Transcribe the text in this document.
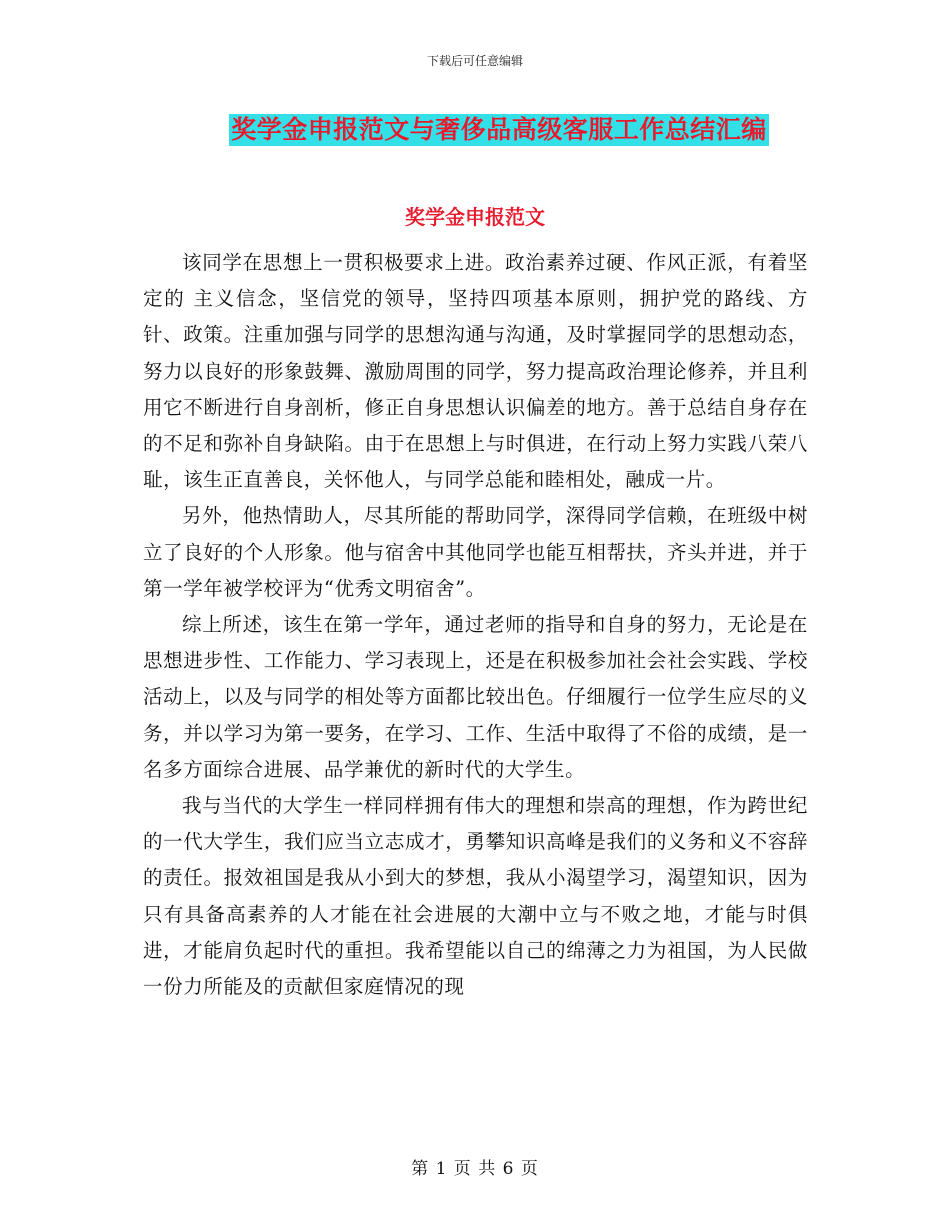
下载后可任意编辑
奖学金申报范文与奢侈品高级客服工作总结汇编
奖学金申报范文

该同学在思想上一贯积极要求上进。政治素养过硬、作风正派，有着坚定的 主义信念，坚信党的领导，坚持四项基本原则，拥护党的路线、方针、政策。注重加强与同学的思想沟通与沟通，及时掌握同学的思想动态，努力以良好的形象鼓舞、激励周围的同学，努力提高政治理论修养，并且利用它不断进行自身剖析，修正自身思想认识偏差的地方。善于总结自身存在的不足和弥补自身缺陷。由于在思想上与时俱进，在行动上努力实践八荣八耻，该生正直善良，关怀他人，与同学总能和睦相处，融成一片。

另外，他热情助人，尽其所能的帮助同学，深得同学信赖，在班级中树立了良好的个人形象。他与宿舍中其他同学也能互相帮扶，齐头并进，并于第一学年被学校评为“优秀文明宿舍”。

综上所述，该生在第一学年，通过老师的指导和自身的努力，无论是在思想进步性、工作能力、学习表现上，还是在积极参加社会社会实践、学校活动上，以及与同学的相处等方面都比较出色。仔细履行一位学生应尽的义务，并以学习为第一要务，在学习、工作、生活中取得了不俗的成绩，是一名多方面综合进展、品学兼优的新时代的大学生。

我与当代的大学生一样同样拥有伟大的理想和崇高的理想，作为跨世纪的一代大学生，我们应当立志成才，勇攀知识高峰是我们的义务和义不容辞的责任。报效祖国是我从小到大的梦想，我从小渴望学习，渴望知识，因为只有具备高素养的人才能在社会进展的大潮中立与不败之地，才能与时俱进，才能肩负起时代的重担。我希望能以自己的绵薄之力为祖国，为人民做一份力所能及的贡献但家庭情况的现

第 1 页 共 6 页
